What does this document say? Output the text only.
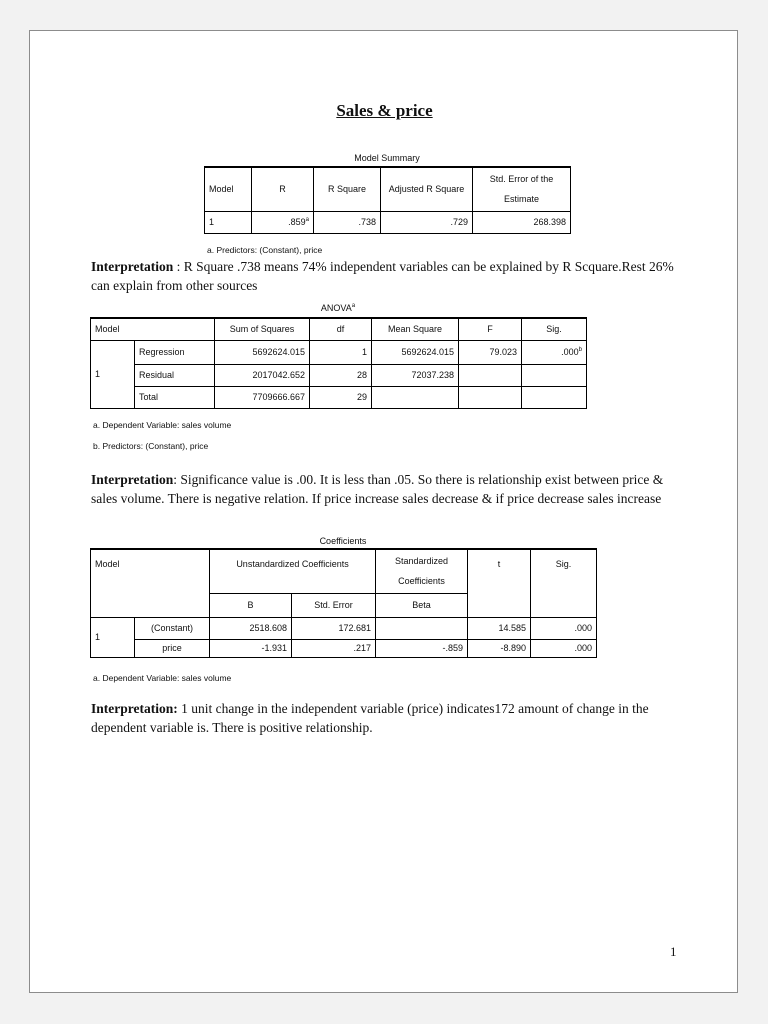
Sales & price
Model Summary
Model	R	R Square	Adjusted R Square	Std. Error of the Estimate
1	.859$^a$	.738	.729	268.398
a. Predictors: (Constant), price
Interpretation : R Square .738 means 74% independent variables can be explained by R Scquare.Rest 26% can explain from other sources
ANOVA$^a$
Model		Sum of Squares	df	Mean Square	F	Sig.
1	Regression	5692624.015	1	5692624.015	79.023	.000$^b$
	Residual	2017042.652	28	72037.238		
	Total	7709666.667	29			
a. Dependent Variable: sales volume
b. Predictors: (Constant), price
Interpretation: Significance value is .00. It is less than .05. So there is relationship exist between price & sales volume. There is negative relation. If price increase sales decrease & if price decrease sales increase
Coefficients
Model		Unstandardized Coefficients		Standardized Coefficients	t	Sig.
		B	Std. Error	Beta		
1	(Constant)	2518.608	172.681		14.585	.000
	price	-1.931	.217	-.859	-8.890	.000
a. Dependent Variable: sales volume
Interpretation: 1 unit change in the independent variable (price) indicates172 amount of change in the dependent variable is. There is positive relationship.
1
